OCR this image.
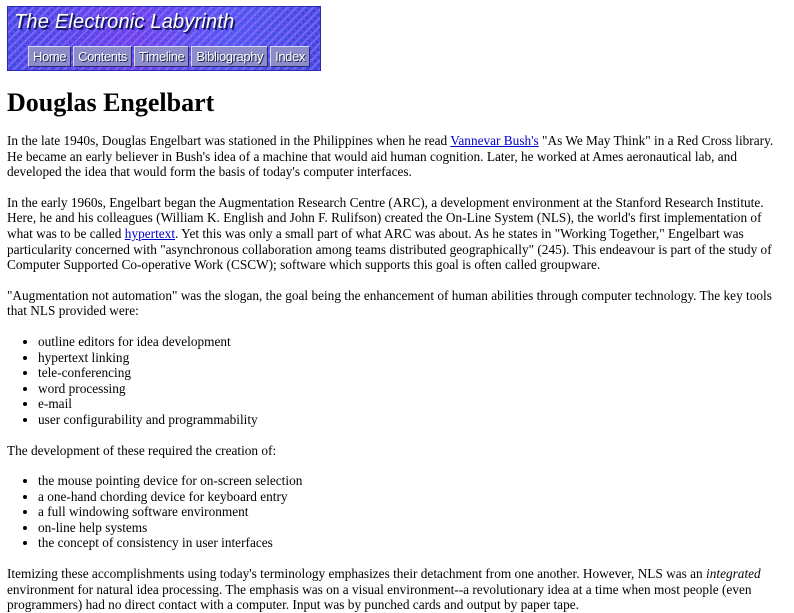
The Electronic Labyrinth
Home Contents Timeline Bibliography Index
Douglas Engelbart

In the late 1940s, Douglas Engelbart was stationed in the Philippines when he read Vannevar Bush's "As We May Think" in a Red Cross library. He became an early believer in Bush's idea of a machine that would aid human cognition. Later, he worked at Ames aeronautical lab, and developed the idea that would form the basis of today's computer interfaces.

In the early 1960s, Engelbart began the Augmentation Research Centre (ARC), a development environment at the Stanford Research Institute. Here, he and his colleagues (William K. English and John F. Rulifson) created the On-Line System (NLS), the world's first implementation of what was to be called hypertext. Yet this was only a small part of what ARC was about. As he states in "Working Together," Engelbart was particularity concerned with "asynchronous collaboration among teams distributed geographically" (245). This endeavour is part of the study of Computer Supported Co-operative Work (CSCW); software which supports this goal is often called groupware.

"Augmentation not automation" was the slogan, the goal being the enhancement of human abilities through computer technology. The key tools that NLS provided were:

• outline editors for idea development
• hypertext linking
• tele-conferencing
• word processing
• e-mail
• user configurability and programmability

The development of these required the creation of:

• the mouse pointing device for on-screen selection
• a one-hand chording device for keyboard entry
• a full windowing software environment
• on-line help systems
• the concept of consistency in user interfaces

Itemizing these accomplishments using today's terminology emphasizes their detachment from one another. However, NLS was an integrated environment for natural idea processing. The emphasis was on a visual environment--a revolutionary idea at a time when most people (even programmers) had no direct contact with a computer. Input was by punched cards and output by paper tape.
